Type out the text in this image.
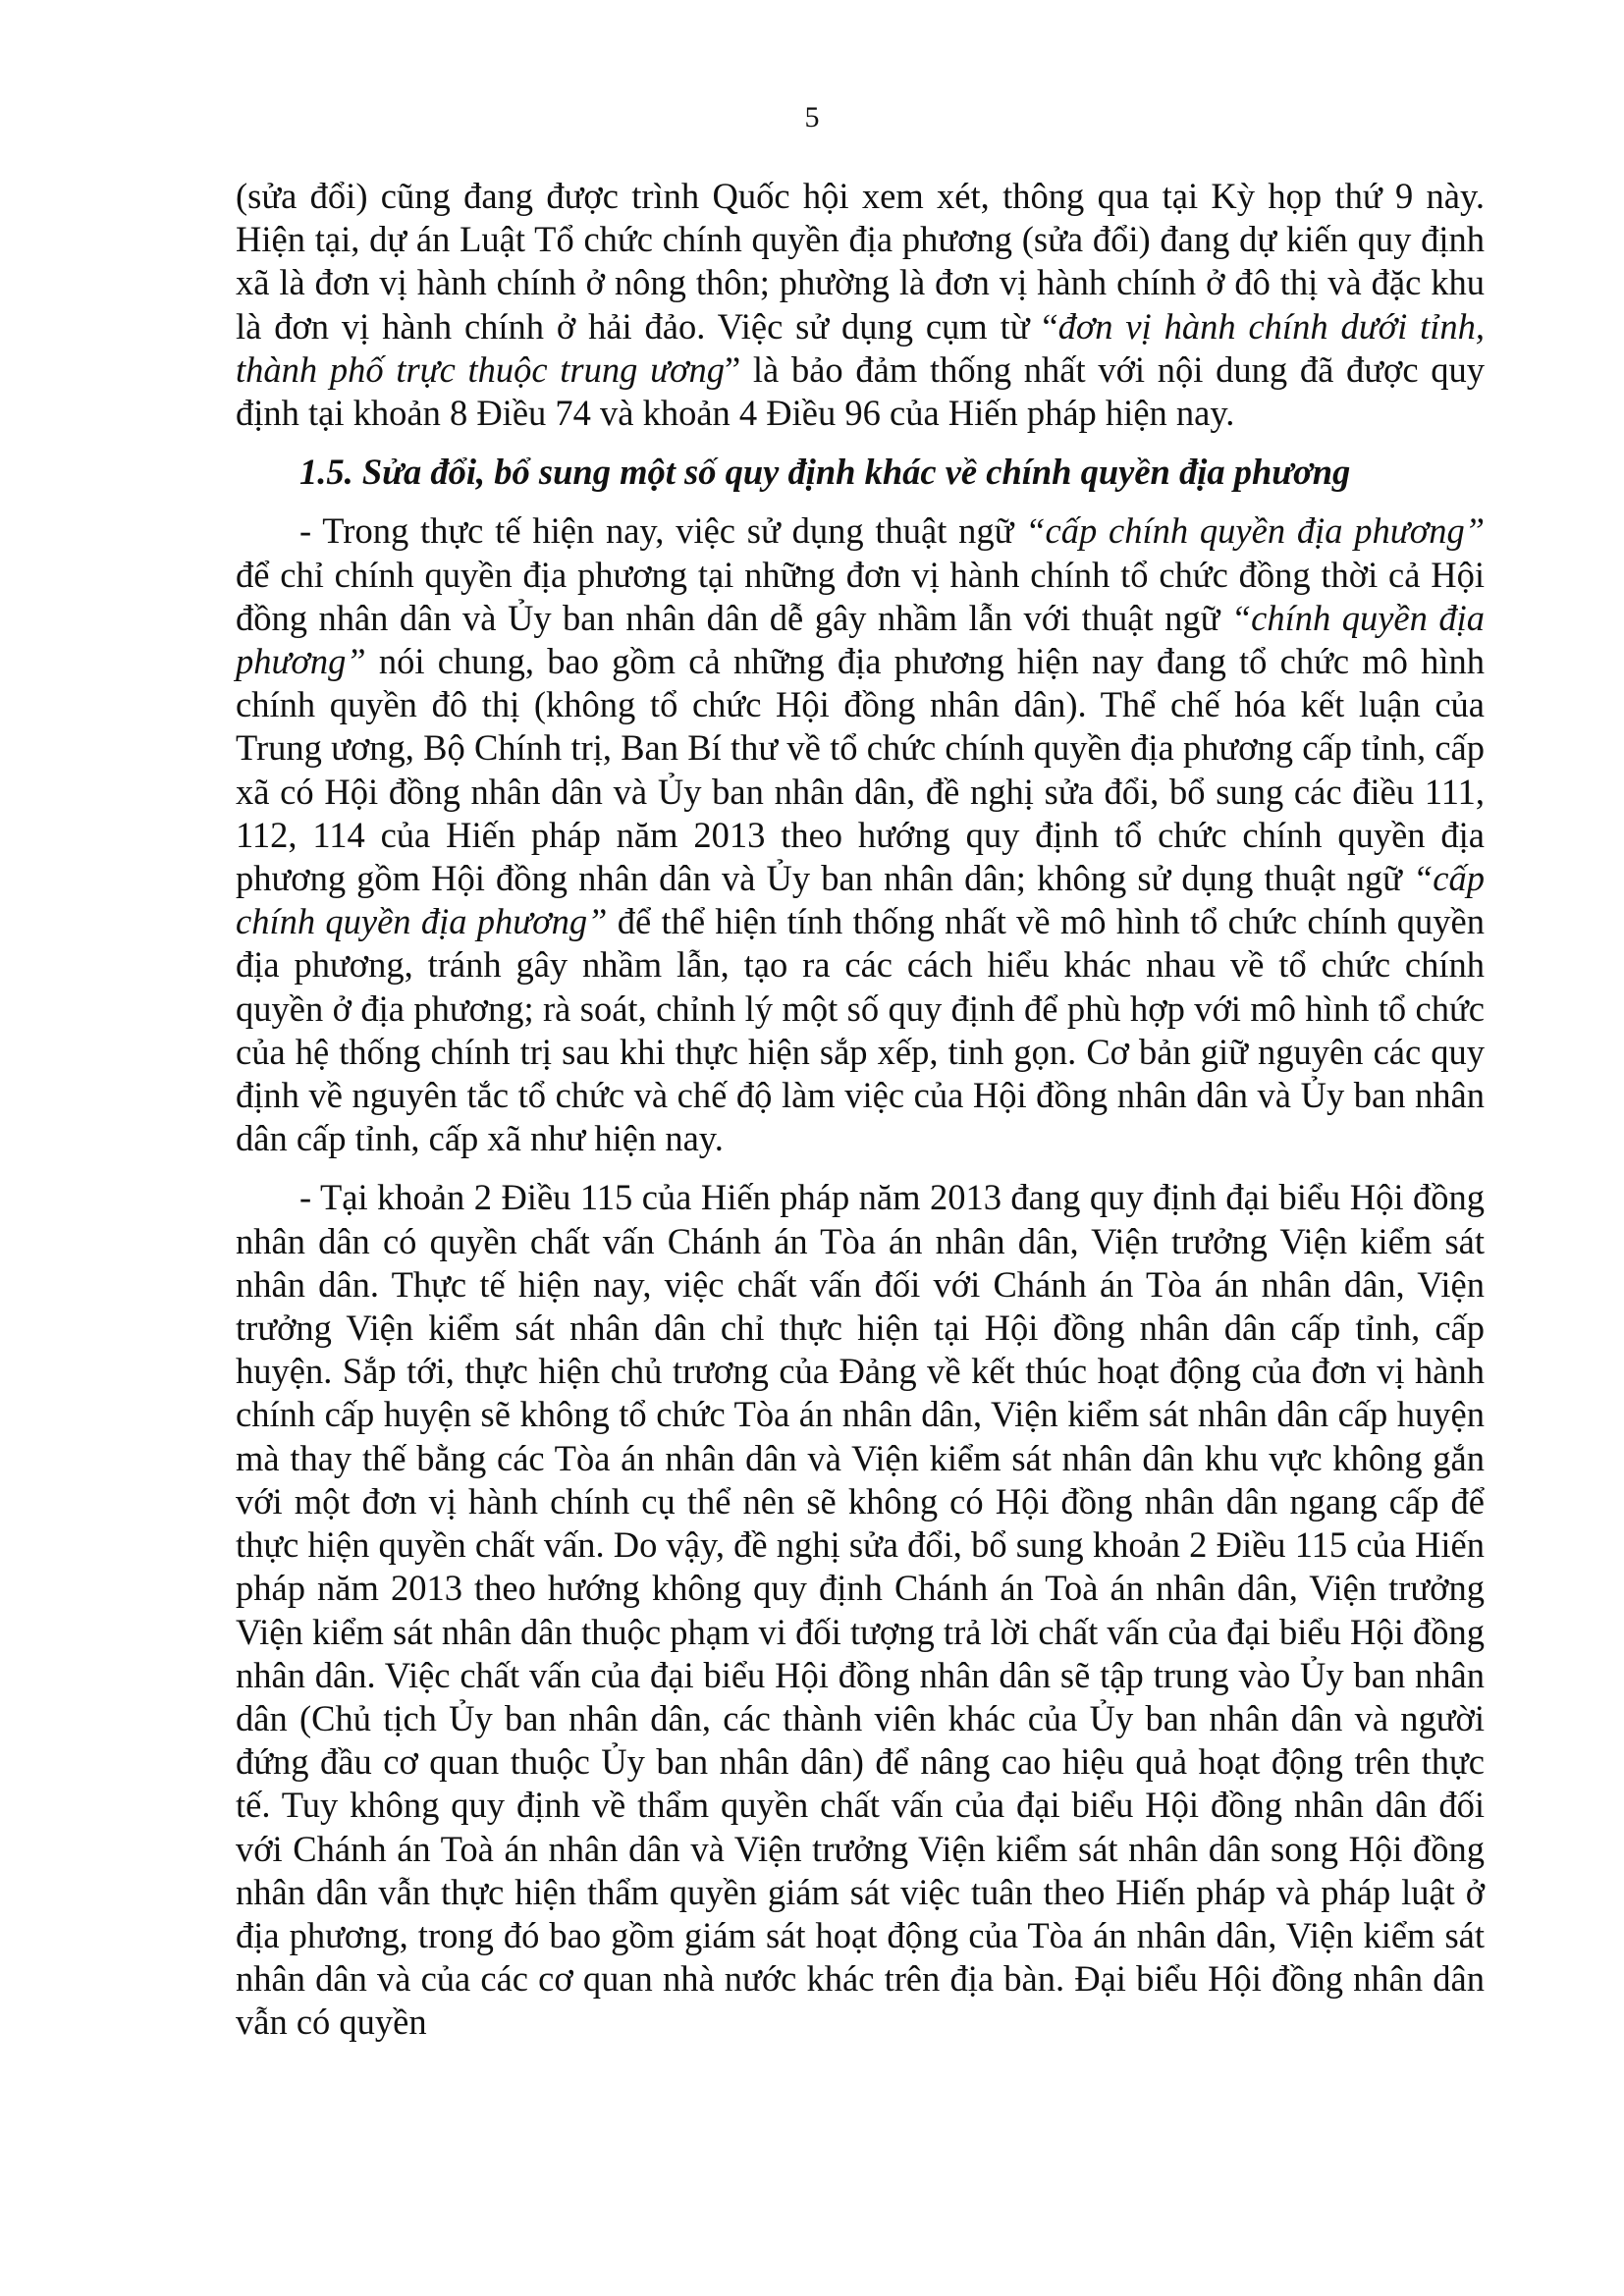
5

(sửa đổi) cũng đang được trình Quốc hội xem xét, thông qua tại Kỳ họp thứ 9 này. Hiện tại, dự án Luật Tổ chức chính quyền địa phương (sửa đổi) đang dự kiến quy định xã là đơn vị hành chính ở nông thôn; phường là đơn vị hành chính ở đô thị và đặc khu là đơn vị hành chính ở hải đảo. Việc sử dụng cụm từ “đơn vị hành chính dưới tỉnh, thành phố trực thuộc trung ương” là bảo đảm thống nhất với nội dung đã được quy định tại khoản 8 Điều 74 và khoản 4 Điều 96 của Hiến pháp hiện nay.

1.5. Sửa đổi, bổ sung một số quy định khác về chính quyền địa phương

- Trong thực tế hiện nay, việc sử dụng thuật ngữ “cấp chính quyền địa phương” để chỉ chính quyền địa phương tại những đơn vị hành chính tổ chức đồng thời cả Hội đồng nhân dân và Ủy ban nhân dân dễ gây nhầm lẫn với thuật ngữ “chính quyền địa phương” nói chung, bao gồm cả những địa phương hiện nay đang tổ chức mô hình chính quyền đô thị (không tổ chức Hội đồng nhân dân). Thể chế hóa kết luận của Trung ương, Bộ Chính trị, Ban Bí thư về tổ chức chính quyền địa phương cấp tỉnh, cấp xã có Hội đồng nhân dân và Ủy ban nhân dân, đề nghị sửa đổi, bổ sung các điều 111, 112, 114 của Hiến pháp năm 2013 theo hướng quy định tổ chức chính quyền địa phương gồm Hội đồng nhân dân và Ủy ban nhân dân; không sử dụng thuật ngữ “cấp chính quyền địa phương” để thể hiện tính thống nhất về mô hình tổ chức chính quyền địa phương, tránh gây nhầm lẫn, tạo ra các cách hiểu khác nhau về tổ chức chính quyền ở địa phương; rà soát, chỉnh lý một số quy định để phù hợp với mô hình tổ chức của hệ thống chính trị sau khi thực hiện sắp xếp, tinh gọn. Cơ bản giữ nguyên các quy định về nguyên tắc tổ chức và chế độ làm việc của Hội đồng nhân dân và Ủy ban nhân dân cấp tỉnh, cấp xã như hiện nay.

- Tại khoản 2 Điều 115 của Hiến pháp năm 2013 đang quy định đại biểu Hội đồng nhân dân có quyền chất vấn Chánh án Tòa án nhân dân, Viện trưởng Viện kiểm sát nhân dân. Thực tế hiện nay, việc chất vấn đối với Chánh án Tòa án nhân dân, Viện trưởng Viện kiểm sát nhân dân chỉ thực hiện tại Hội đồng nhân dân cấp tỉnh, cấp huyện. Sắp tới, thực hiện chủ trương của Đảng về kết thúc hoạt động của đơn vị hành chính cấp huyện sẽ không tổ chức Tòa án nhân dân, Viện kiểm sát nhân dân cấp huyện mà thay thế bằng các Tòa án nhân dân và Viện kiểm sát nhân dân khu vực không gắn với một đơn vị hành chính cụ thể nên sẽ không có Hội đồng nhân dân ngang cấp để thực hiện quyền chất vấn. Do vậy, đề nghị sửa đổi, bổ sung khoản 2 Điều 115 của Hiến pháp năm 2013 theo hướng không quy định Chánh án Toà án nhân dân, Viện trưởng Viện kiểm sát nhân dân thuộc phạm vi đối tượng trả lời chất vấn của đại biểu Hội đồng nhân dân. Việc chất vấn của đại biểu Hội đồng nhân dân sẽ tập trung vào Ủy ban nhân dân (Chủ tịch Ủy ban nhân dân, các thành viên khác của Ủy ban nhân dân và người đứng đầu cơ quan thuộc Ủy ban nhân dân) để nâng cao hiệu quả hoạt động trên thực tế. Tuy không quy định về thẩm quyền chất vấn của đại biểu Hội đồng nhân dân đối với Chánh án Toà án nhân dân và Viện trưởng Viện kiểm sát nhân dân song Hội đồng nhân dân vẫn thực hiện thẩm quyền giám sát việc tuân theo Hiến pháp và pháp luật ở địa phương, trong đó bao gồm giám sát hoạt động của Tòa án nhân dân, Viện kiểm sát nhân dân và của các cơ quan nhà nước khác trên địa bàn. Đại biểu Hội đồng nhân dân vẫn có quyền
